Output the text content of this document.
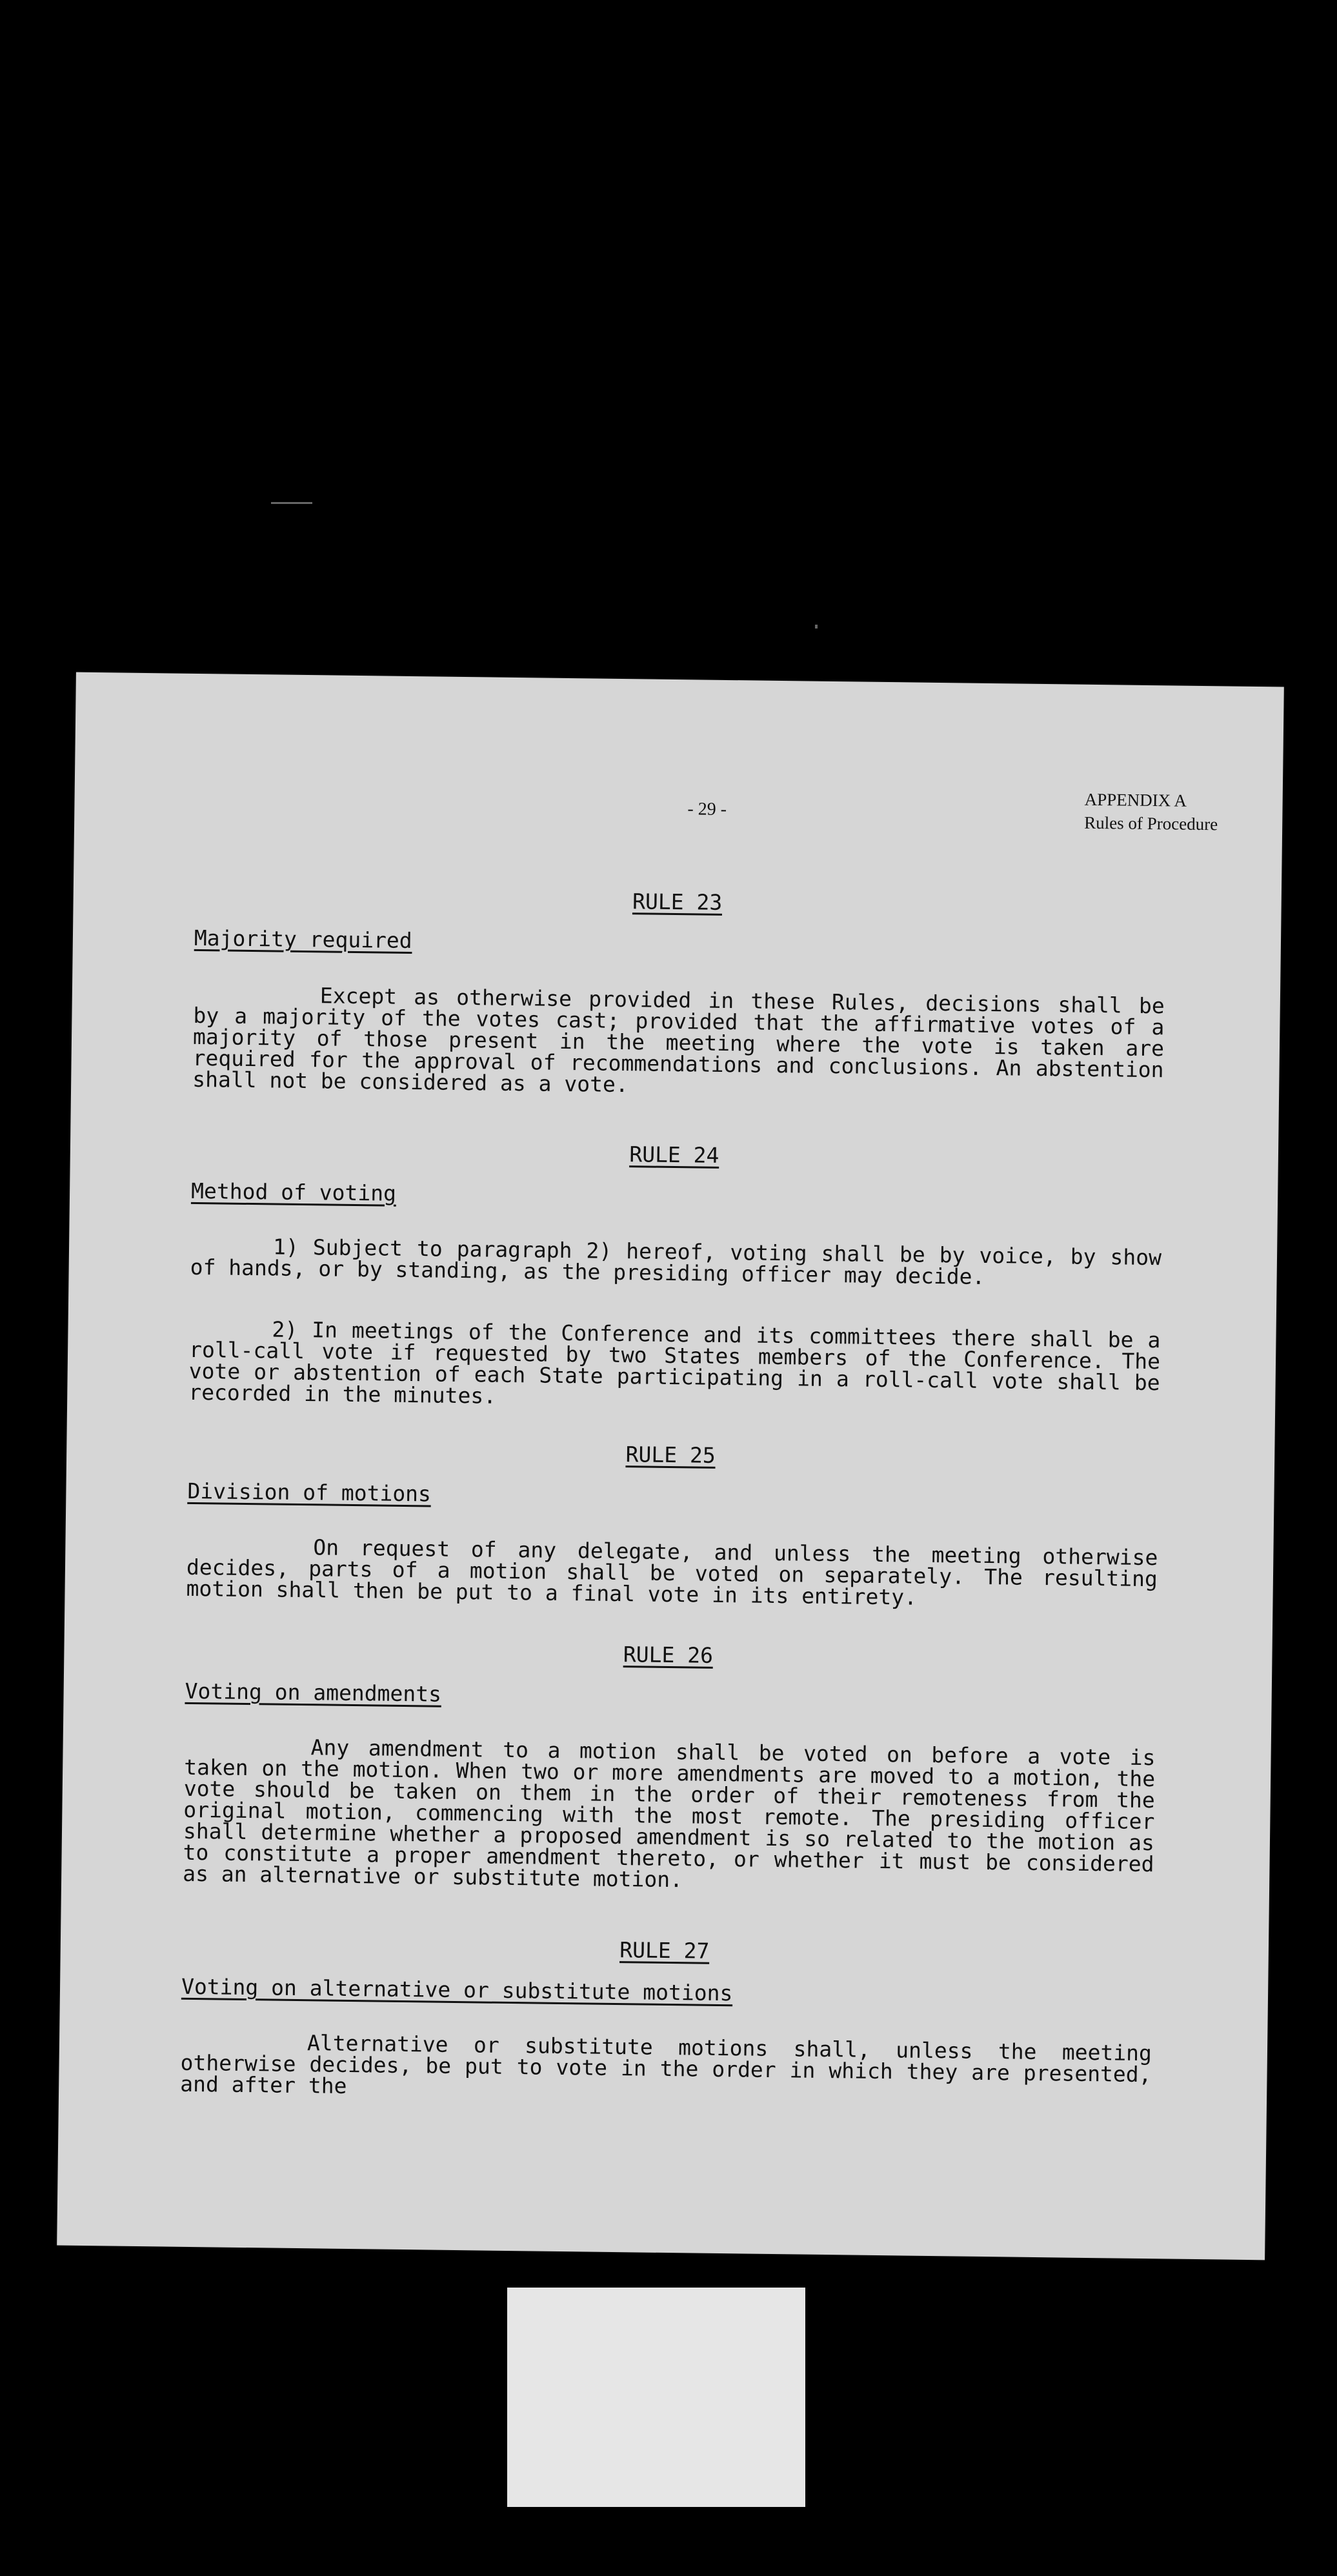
- 29 -	APPENDIX A
Rules of Procedure
RULE 23
Majority required

Except as otherwise provided in these Rules, decisions shall be by a majority of the votes cast; provided that the affirmative votes of a majority of those present in the meeting where the vote is taken are required for the approval of recommendations and conclusions. An abstention shall not be considered as a vote.

RULE 24
Method of voting

1) Subject to paragraph 2) hereof, voting shall be by voice, by show of hands, or by standing, as the presiding officer may decide.

2) In meetings of the Conference and its committees there shall be a roll-call vote if requested by two States members of the Conference. The vote or abstention of each State participating in a roll-call vote shall be recorded in the minutes.

RULE 25
Division of motions

On request of any delegate, and unless the meeting otherwise decides, parts of a motion shall be voted on separately. The resulting motion shall then be put to a final vote in its entirety.

RULE 26
Voting on amendments

Any amendment to a motion shall be voted on before a vote is taken on the motion. When two or more amendments are moved to a motion, the vote should be taken on them in the order of their remoteness from the original motion, commencing with the most remote. The presiding officer shall determine whether a proposed amendment is so related to the motion as to constitute a proper amendment thereto, or whether it must be considered as an alternative or substitute motion.

RULE 27
Voting on alternative or substitute motions

Alternative or substitute motions shall, unless the meeting otherwise decides, be put to vote in the order in which they are presented, and after the
